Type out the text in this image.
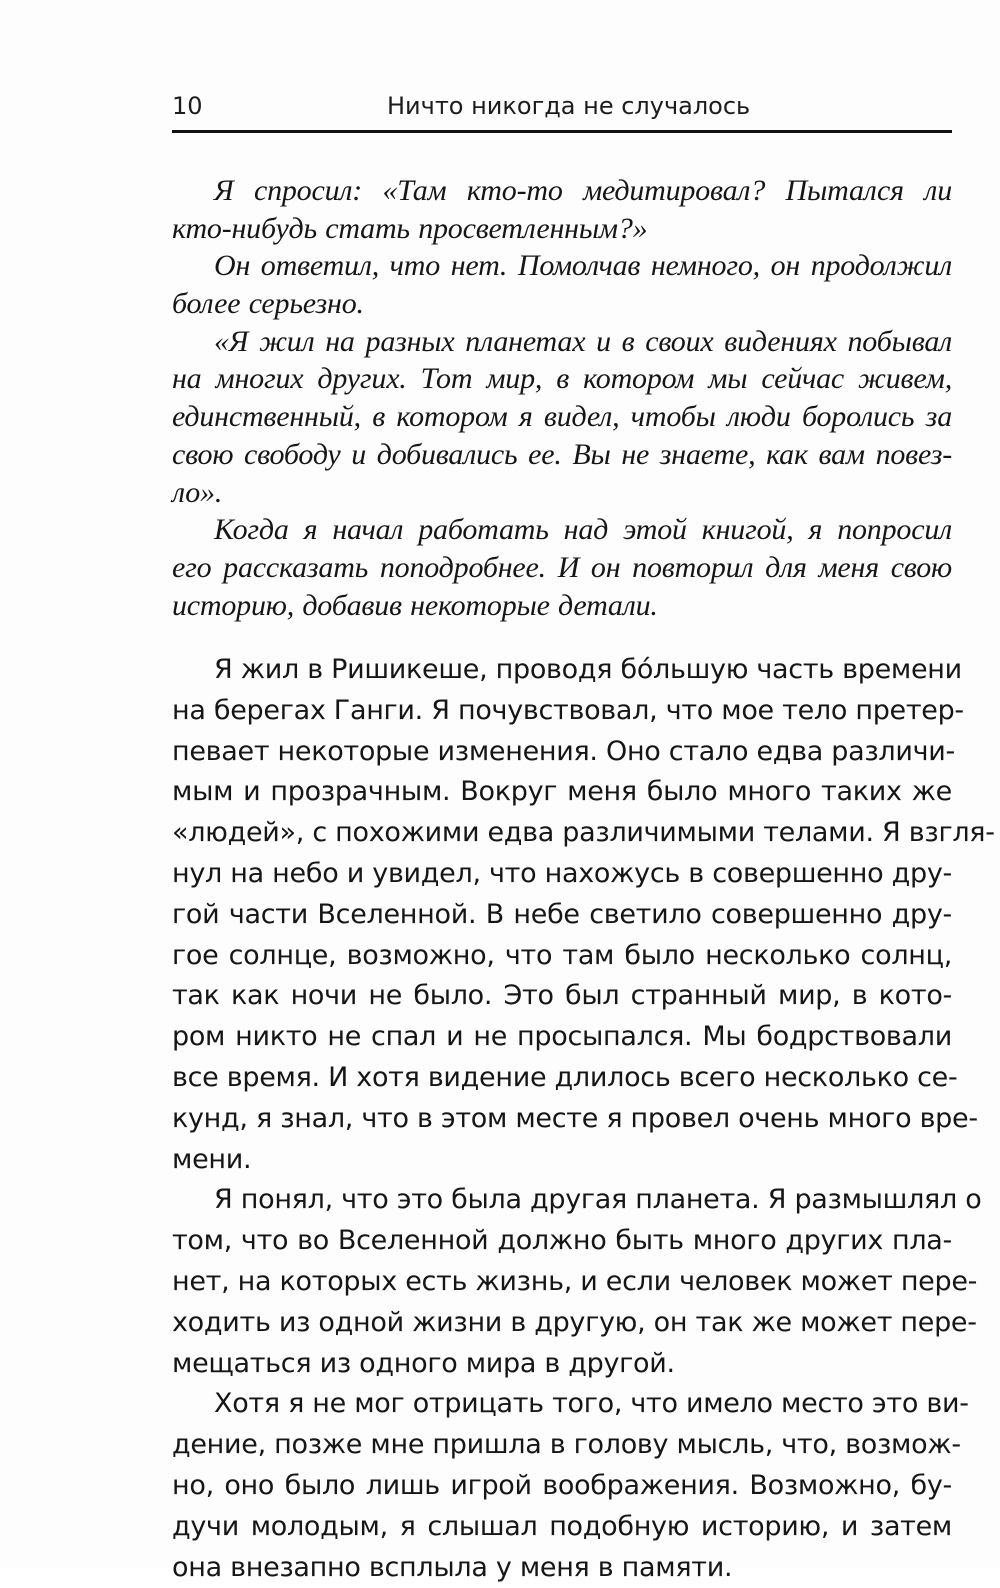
10	Ничто никогда не случалось
Я спросил: «Там кто-то медитировал? Пытался ли
кто-нибудь стать просветленным?»
Он ответил, что нет. Помолчав немного, он продолжил
более серьезно.
«Я жил на разных планетах и в своих видениях побывал
на многих других. Тот мир, в котором мы сейчас живем,
единственный, в котором я видел, чтобы люди боролись за
свою свободу и добивались ее. Вы не знаете, как вам повез-
ло».
Когда я начал работать над этой книгой, я попросил
его рассказать поподробнее. И он повторил для меня свою
историю, добавив некоторые детали.
Я жил в Ришикеше, проводя бóльшую часть времени
на берегах Ганги. Я почувствовал, что мое тело претер-
певает некоторые изменения. Оно стало едва различи-
мым и прозрачным. Вокруг меня было много таких же
«людей», с похожими едва различимыми телами. Я взгля-
нул на небо и увидел, что нахожусь в совершенно дру-
гой части Вселенной. В небе светило совершенно дру-
гое солнце, возможно, что там было несколько солнц,
так как ночи не было. Это был странный мир, в кото-
ром никто не спал и не просыпался. Мы бодрствовали
все время. И хотя видение длилось всего несколько се-
кунд, я знал, что в этом месте я провел очень много вре-
мени.
Я понял, что это была другая планета. Я размышлял о
том, что во Вселенной должно быть много других пла-
нет, на которых есть жизнь, и если человек может пере-
ходить из одной жизни в другую, он так же может пере-
мещаться из одного мира в другой.
Хотя я не мог отрицать того, что имело место это ви-
дение, позже мне пришла в голову мысль, что, возмож-
но, оно было лишь игрой воображения. Возможно, бу-
дучи молодым, я слышал подобную историю, и затем
она внезапно всплыла у меня в памяти.
